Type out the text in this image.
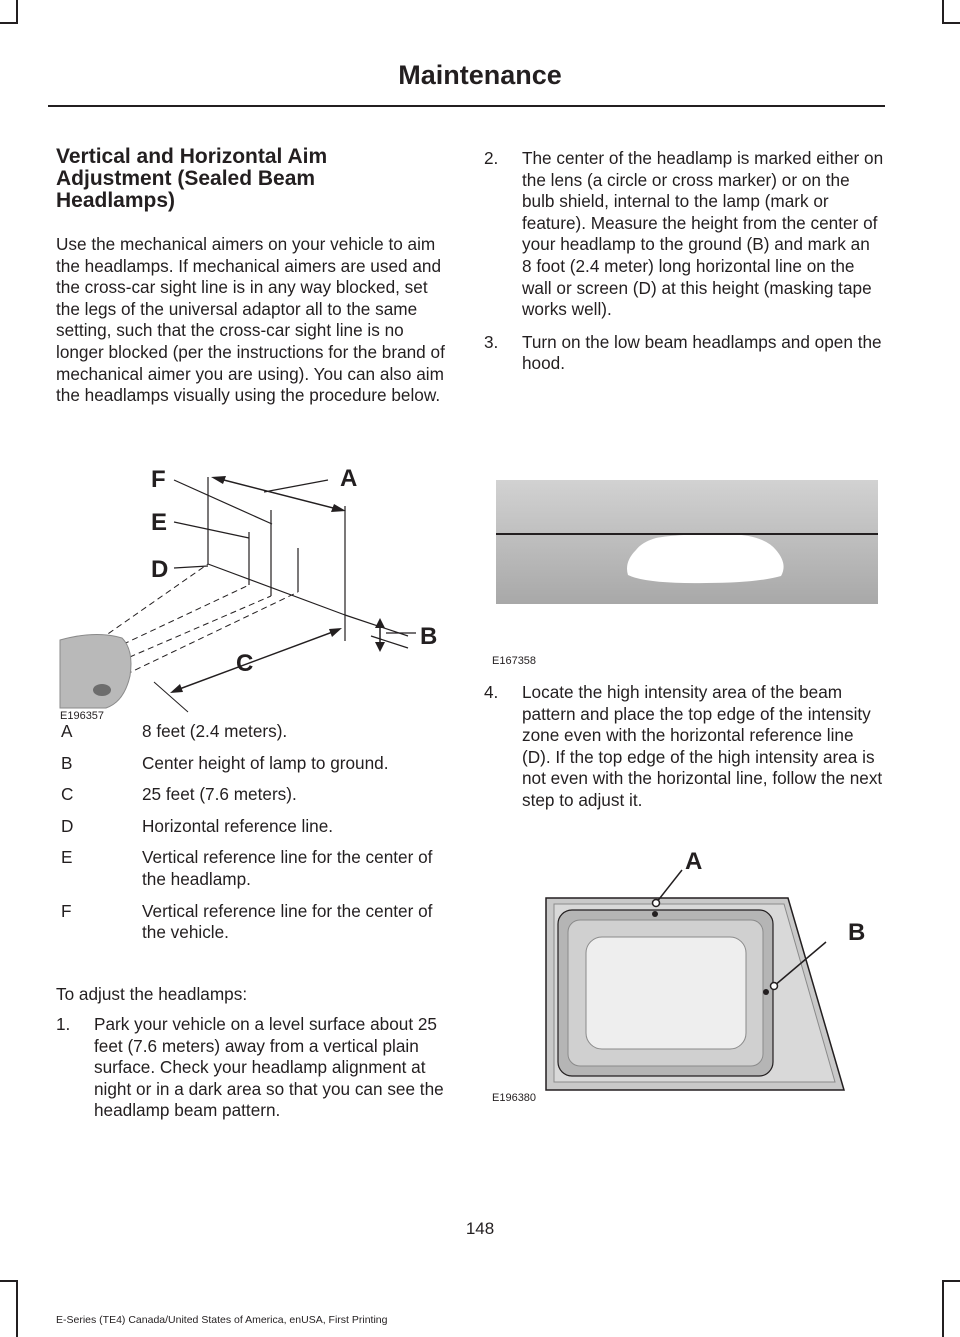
Maintenance
Vertical and Horizontal Aim Adjustment (Sealed Beam Headlamps)

Use the mechanical aimers on your vehicle to aim the headlamps. If mechanical aimers are used and the cross-car sight line is in any way blocked, set the legs of the universal adaptor all to the same setting, such that the cross-car sight line is no longer blocked (per the instructions for the brand of mechanical aimer you are using). You can also aim the headlamps visually using the procedure below.

F
E
D
A
B
C
E196357
A	8 feet (2.4 meters).
B	Center height of lamp to ground.
C	25 feet (7.6 meters).
D	Horizontal reference line.
E	Vertical reference line for the center of the headlamp.
F	Vertical reference line for the center of the vehicle.

To adjust the headlamps:

1.	Park your vehicle on a level surface about 25 feet (7.6 meters) away from a vertical plain surface. Check your headlamp alignment at night or in a dark area so that you can see the headlamp beam pattern.
2.	The center of the headlamp is marked either on the lens (a circle or cross marker) or on the bulb shield, internal to the lamp (mark or feature). Measure the height from the center of your headlamp to the ground (B) and mark an 8 foot (2.4 meter) long horizontal line on the wall or screen (D) at this height (masking tape works well).
3.	Turn on the low beam headlamps and open the hood.
E167358
4.	Locate the high intensity area of the beam pattern and place the top edge of the intensity zone even with the horizontal reference line (D). If the top edge of the high intensity area is not even with the horizontal line, follow the next step to adjust it.
A
B
E196380
148
E-Series (TE4) Canada/United States of America, enUSA, First Printing
